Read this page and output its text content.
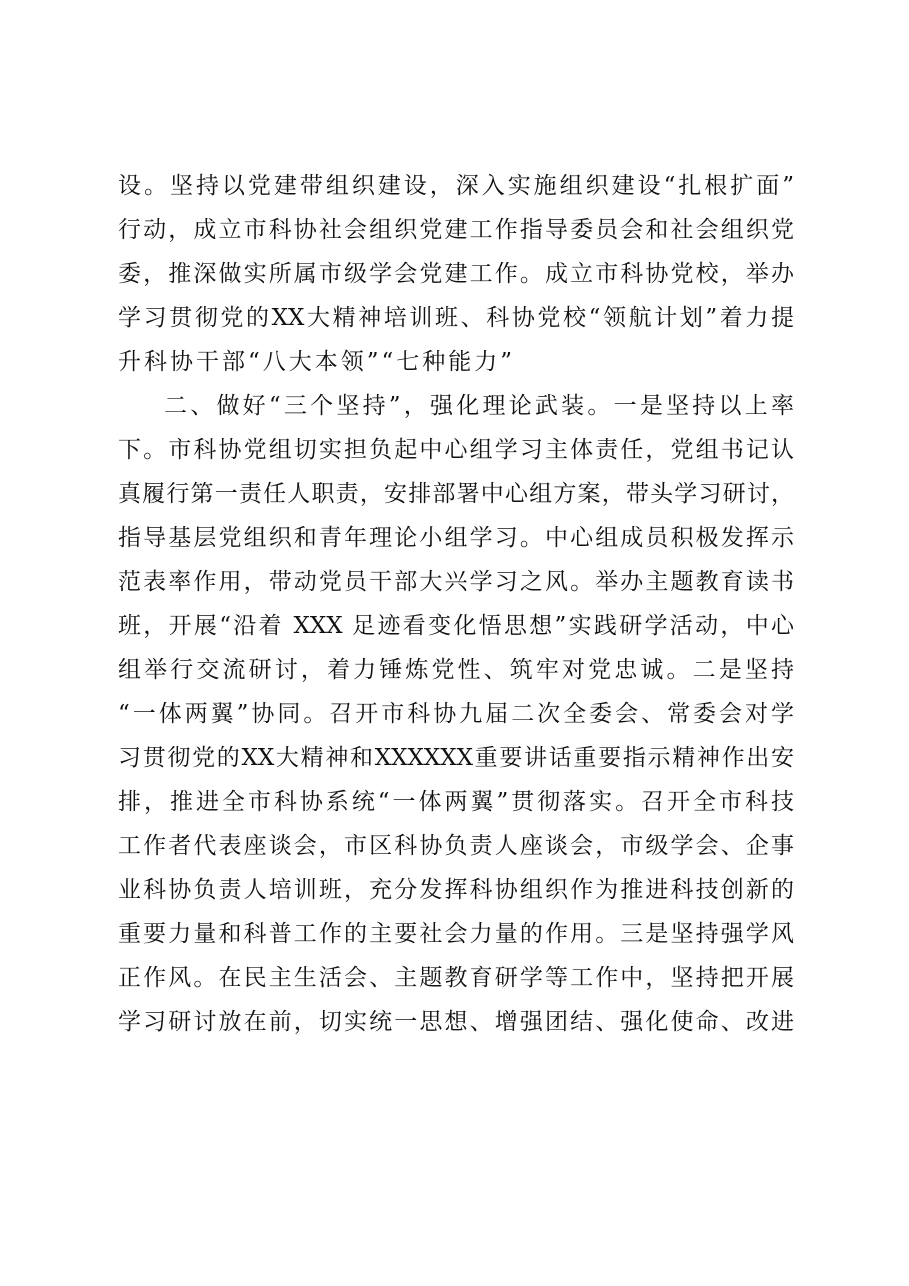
设。坚持以党建带组织建设，深入实施组织建设“扎根扩面”
行动，成立市科协社会组织党建工作指导委员会和社会组织党
委，推深做实所属市级学会党建工作。成立市科协党校，举办
学习贯彻党的XX大精神培训班、科协党校“领航计划”着力提
升科协干部“八大本领”“七种能力”
二、做好“三个坚持”，强化理论武装。一是坚持以上率
下。市科协党组切实担负起中心组学习主体责任，党组书记认
真履行第一责任人职责，安排部署中心组方案，带头学习研讨，
指导基层党组织和青年理论小组学习。中心组成员积极发挥示
范表率作用，带动党员干部大兴学习之风。举办主题教育读书
班，开展“沿着 XXX 足迹看变化悟思想”实践研学活动，中心
组举行交流研讨，着力锤炼党性、筑牢对党忠诚。二是坚持
“一体两翼”协同。召开市科协九届二次全委会、常委会对学
习贯彻党的XX大精神和XXXXXX重要讲话重要指示精神作出安
排，推进全市科协系统“一体两翼”贯彻落实。召开全市科技
工作者代表座谈会，市区科协负责人座谈会，市级学会、企事
业科协负责人培训班，充分发挥科协组织作为推进科技创新的
重要力量和科普工作的主要社会力量的作用。三是坚持强学风
正作风。在民主生活会、主题教育研学等工作中，坚持把开展
学习研讨放在前，切实统一思想、增强团结、强化使命、改进
